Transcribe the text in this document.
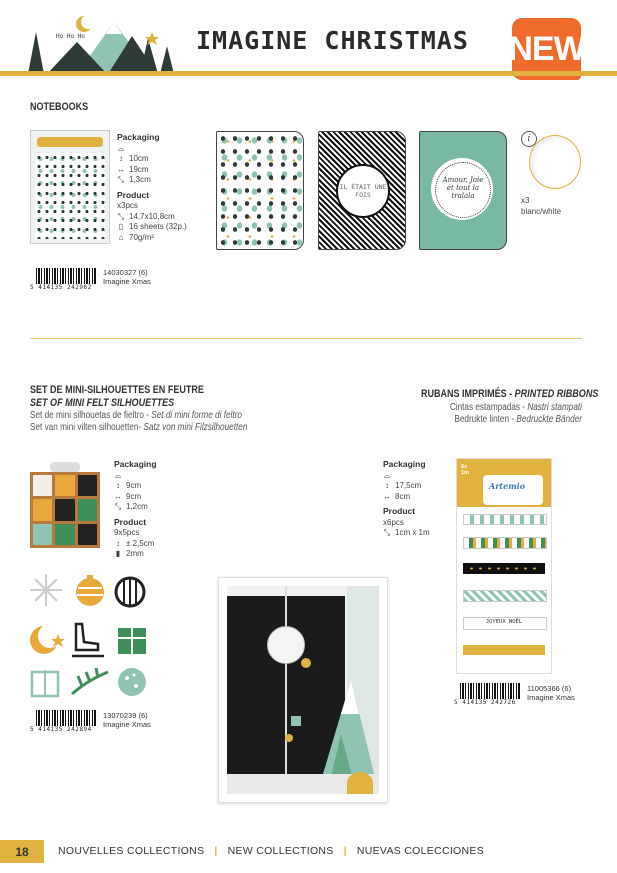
Ho Ho Ho	IMAGINE CHRISTMAS NEW
NOTEBOOKS
Packaging
⌓
↕ 10cm
↔ 19cm
⤡ 1,3cm
Product
x3pcs
⤡ 14,7x10,8cm
▯ 16 sheets (32p.)
⌂ 70g/m²
5 414135 242962
14030327 (6)
Imagine Xmas
IL ÉTAIT UNE FOIS
Amour, Joie et tout la tralala
i
x3
blanc/white
SET DE MINI-SILHOUETTES EN FEUTRE
SET OF MINI FELT SILHOUETTES
Set de mini silhouetas de fieltro - Set di mini forme di feltro
Set van mini vilten silhouetten- Satz von mini Filzsilhouetten
Packaging
⌓
↕ 9cm
↔ 9cm
⤡ 1,2cm
Product
9x5pcs
↕ ± 2,5cm
▮ 2mm
5 414135 242894
13070239 (6)
Imagine Xmas
RUBANS IMPRIMÉS - PRINTED RIBBONS
Cintas estampadas - Nastri stampati
Bedrukte linten - Bedruckte Bänder
Packaging
⌓
↕ 17,5cm
↔ 8cm
Product
x6pcs
⤡ 1cm x 1m
6x 1m
Artemio
JOYEUX NOËL
5 414135 242726
11005366 (6)
Imagine Xmas
18	NOUVELLES COLLECTIONS | NEW COLLECTIONS | NUEVAS COLECCIONES
